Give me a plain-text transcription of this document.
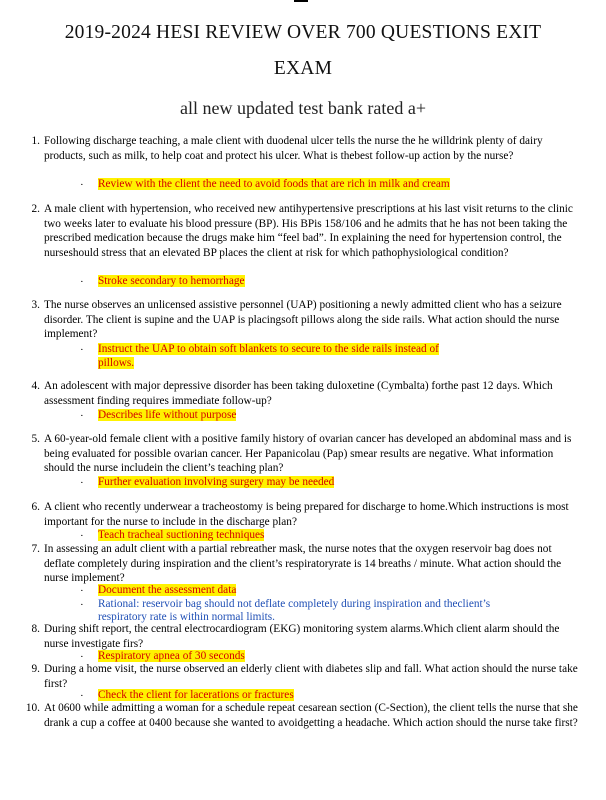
2019-2024 HESI REVIEW OVER 700 QUESTIONS EXIT
EXAM
all new updated test bank rated a+
1. Following discharge teaching, a male client with duodenal ulcer tells the nurse the he willdrink plenty of dairy products, such as milk, to help coat and protect his ulcer. What is thebest follow-up action by the nurse?
· Review with the client the need to avoid foods that are rich in milk and cream
2. A male client with hypertension, who received new antihypertensive prescriptions at his last visit returns to the clinic two weeks later to evaluate his blood pressure (BP). His BPis 158/106 and he admits that he has not been taking the prescribed medication because the drugs make him “feel bad”. In explaining the need for hypertension control, the nurseshould stress that an elevated BP places the client at risk for which pathophysiological condition?
· Stroke secondary to hemorrhage
3. The nurse observes an unlicensed assistive personnel (UAP) positioning a newly admitted client who has a seizure disorder. The client is supine and the UAP is placingsoft pillows along the side rails. What action should the nurse implement?
· Instruct the UAP to obtain soft blankets to secure to the side rails instead of
pillows.
4. An adolescent with major depressive disorder has been taking duloxetine (Cymbalta) forthe past 12 days. Which assessment finding requires immediate follow-up?
· Describes life without purpose
5. A 60-year-old female client with a positive family history of ovarian cancer has developed an abdominal mass and is being evaluated for possible ovarian cancer. Her Papanicolau (Pap) smear results are negative. What information should the nurse includein the client’s teaching plan?
· Further evaluation involving surgery may be needed
6. A client who recently underwear a tracheostomy is being prepared for discharge to home.Which instructions is most important for the nurse to include in the discharge plan?
· Teach tracheal suctioning techniques
7. In assessing an adult client with a partial rebreather mask, the nurse notes that the oxygen reservoir bag does not deflate completely during inspiration and the client’s respiratoryrate is 14 breaths / minute. What action should the nurse implement?
· Document the assessment data
· Rational: reservoir bag should not deflate completely during inspiration and theclient’s
respiratory rate is within normal limits.
8. During shift report, the central electrocardiogram (EKG) monitoring system alarms.Which client alarm should the nurse investigate firs?
· Respiratory apnea of 30 seconds
9. During a home visit, the nurse observed an elderly client with diabetes slip and fall. What action should the nurse take first?
· Check the client for lacerations or fractures
10. At 0600 while admitting a woman for a schedule repeat cesarean section (C-Section), the client tells the nurse that she drank a cup a coffee at 0400 because she wanted to avoidgetting a headache. Which action should the nurse take first?
